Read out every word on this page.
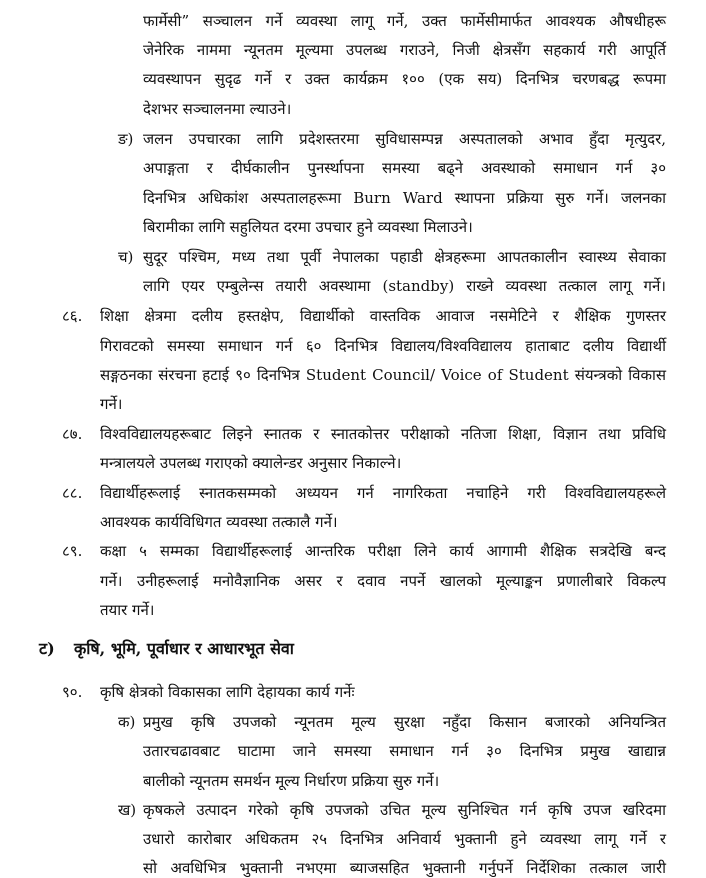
फार्मेसी” सञ्चालन गर्ने व्यवस्था लागू गर्ने, उक्त फार्मेसीमार्फत आवश्यक औषधीहरू

जेनेरिक नाममा न्यूनतम मूल्यमा उपलब्ध गराउने, निजी क्षेत्रसँग सहकार्य गरी आपूर्ति

व्यवस्थापन सुदृढ गर्ने र उक्त कार्यक्रम १०० (एक सय) दिनभित्र चरणबद्ध रूपमा

देशभर सञ्चालनमा ल्याउने।

ङ) जलन उपचारका लागि प्रदेशस्तरमा सुविधासम्पन्न अस्पतालको अभाव हुँदा मृत्युदर,

अपाङ्गता र दीर्घकालीन पुनर्स्थापना समस्या बढ्ने अवस्थाको समाधान गर्न ३०

दिनभित्र अधिकांश अस्पतालहरूमा Burn Ward स्थापना प्रक्रिया सुरु गर्ने। जलनका

बिरामीका लागि सहुलियत दरमा उपचार हुने व्यवस्था मिलाउने।

च) सुदूर पश्चिम, मध्य तथा पूर्वी नेपालका पहाडी क्षेत्रहरूमा आपतकालीन स्वास्थ्य सेवाका

लागि एयर एम्बुलेन्स तयारी अवस्थामा (standby) राख्ने व्यवस्था तत्काल लागू गर्ने।

८६. शिक्षा क्षेत्रमा दलीय हस्तक्षेप, विद्यार्थीको वास्तविक आवाज नसमेटिने र शैक्षिक गुणस्तर

गिरावटको समस्या समाधान गर्न ६० दिनभित्र विद्यालय/विश्वविद्यालय हाताबाट दलीय विद्यार्थी

सङ्गठनका संरचना हटाई ९० दिनभित्र Student Council/ Voice of Student संयन्त्रको विकास

गर्ने।

८७. विश्वविद्यालयहरूबाट लिइने स्नातक र स्नातकोत्तर परीक्षाको नतिजा शिक्षा, विज्ञान तथा प्रविधि

मन्त्रालयले उपलब्ध गराएको क्यालेन्डर अनुसार निकाल्ने।

८८. विद्यार्थीहरूलाई स्नातकसम्मको अध्ययन गर्न नागरिकता नचाहिने गरी विश्वविद्यालयहरूले

आवश्यक कार्यविधिगत व्यवस्था तत्कालै गर्ने।

८९. कक्षा ५ सम्मका विद्यार्थीहरूलाई आन्तरिक परीक्षा लिने कार्य आगामी शैक्षिक सत्रदेखि बन्द

गर्ने। उनीहरूलाई मनोवैज्ञानिक असर र दवाव नपर्ने खालको मूल्याङ्कन प्रणालीबारे विकल्प

तयार गर्ने।

ट) कृषि, भूमि, पूर्वाधार र आधारभूत सेवा
९०. कृषि क्षेत्रको विकासका लागि देहायका कार्य गर्नेः

क) प्रमुख कृषि उपजको न्यूनतम मूल्य सुरक्षा नहुँदा किसान बजारको अनियन्त्रित

उतारचढावबाट घाटामा जाने समस्या समाधान गर्न ३० दिनभित्र प्रमुख खाद्यान्न

बालीको न्यूनतम समर्थन मूल्य निर्धारण प्रक्रिया सुरु गर्ने।

ख) कृषकले उत्पादन गरेको कृषि उपजको उचित मूल्य सुनिश्चित गर्न कृषि उपज खरिदमा

उधारो कारोबार अधिकतम २५ दिनभित्र अनिवार्य भुक्तानी हुने व्यवस्था लागू गर्ने र

सो अवधिभित्र भुक्तानी नभएमा ब्याजसहित भुक्तानी गर्नुपर्ने निर्देशिका तत्काल जारी
